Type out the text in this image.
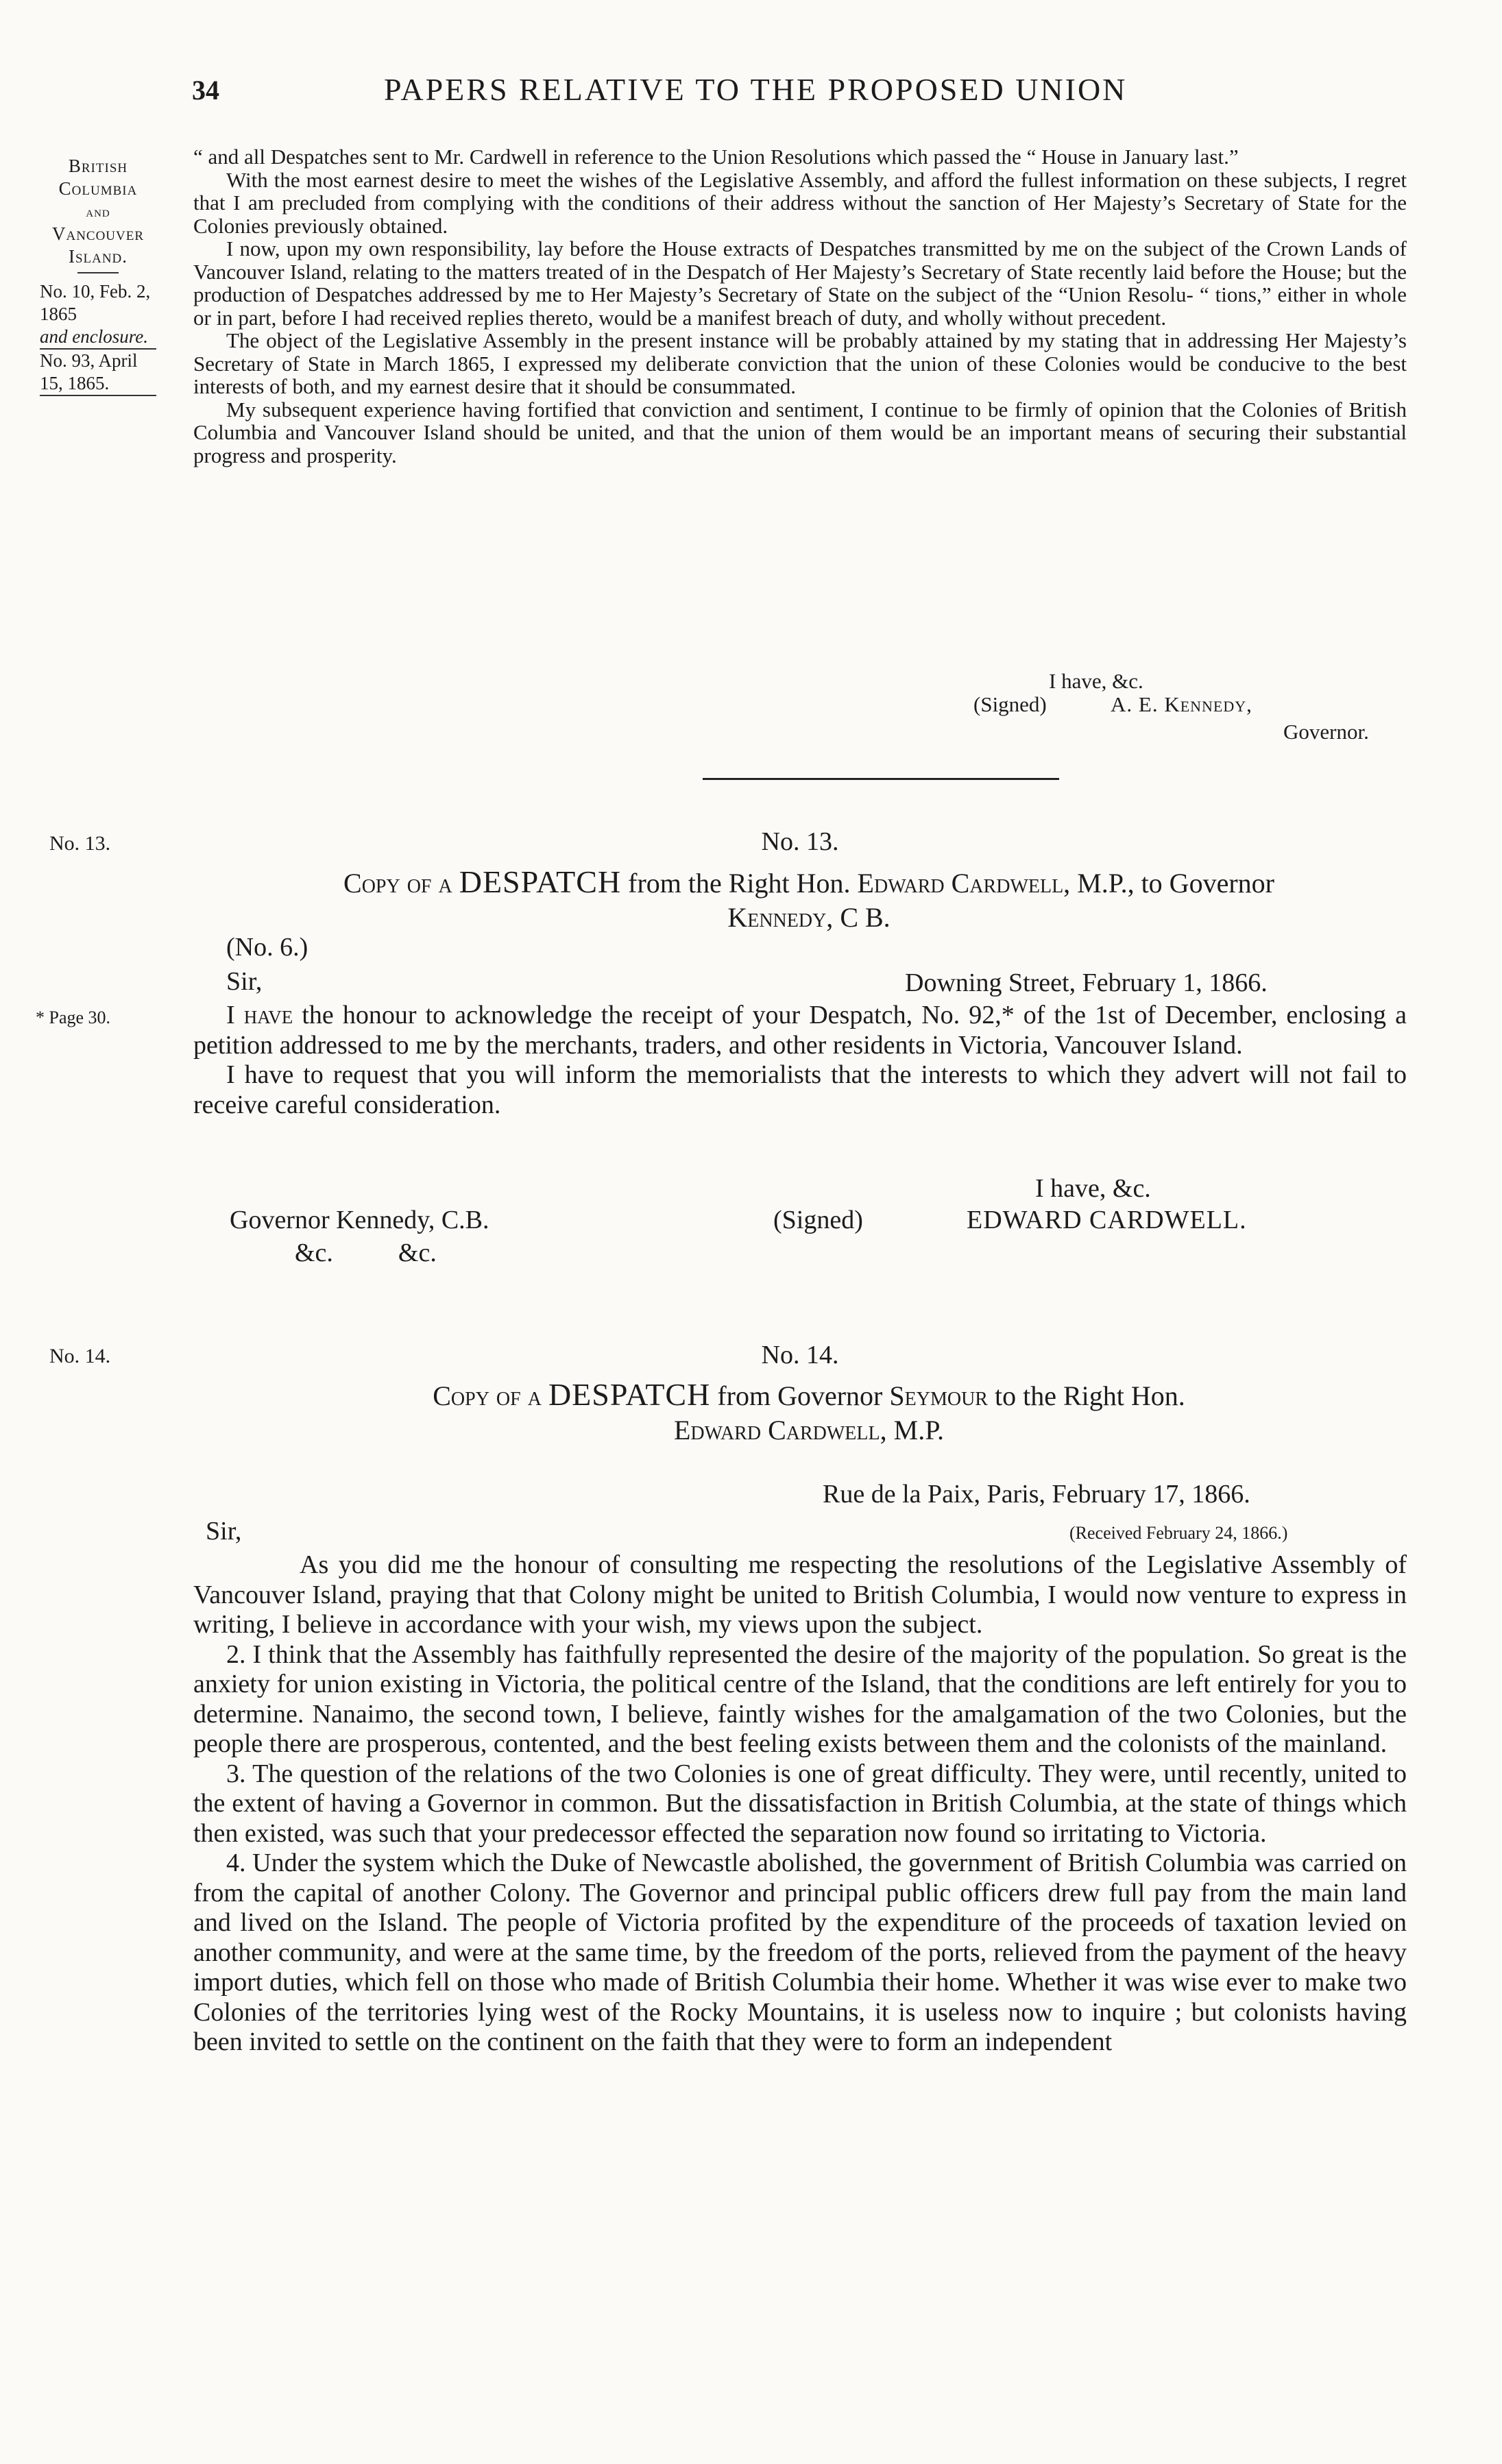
34	PAPERS RELATIVE TO THE PROPOSED UNION
British
Columbia
and
Vancouver
Island.
No. 10, Feb. 2,
1865
and enclosure.
No. 93, April
15, 1865.

“ and all Despatches sent to Mr. Cardwell in reference to the Union Resolutions which passed the “ House in January last.”

With the most earnest desire to meet the wishes of the Legislative Assembly, and afford the fullest information on these subjects, I regret that I am precluded from complying with the conditions of their address without the sanction of Her Majesty’s Secretary of State for the Colonies previously obtained.

I now, upon my own responsibility, lay before the House extracts of Despatches transmitted by me on the subject of the Crown Lands of Vancouver Island, relating to the matters treated of in the Despatch of Her Majesty’s Secretary of State recently laid before the House; but the production of Despatches addressed by me to Her Majesty’s Secretary of State on the subject of the “Union Resolu- “ tions,” either in whole or in part, before I had received replies thereto, would be a manifest breach of duty, and wholly without precedent.

The object of the Legislative Assembly in the present instance will be probably attained by my stating that in addressing Her Majesty’s Secretary of State in March 1865, I expressed my deliberate conviction that the union of these Colonies would be conducive to the best interests of both, and my earnest desire that it should be consummated.

My subsequent experience having fortified that conviction and sentiment, I continue to be firmly of opinion that the Colonies of British Columbia and Vancouver Island should be united, and that the union of them would be an important means of securing their substantial progress and prosperity.

I have, &c.
(Signed)	A. E. Kennedy,
Governor.
No. 13.	No. 13.
Copy of a DESPATCH from the Right Hon. Edward Cardwell, M.P., to Governor
Kennedy, C B.
(No. 6.)
Sir,	Downing Street, February 1, 1866.
* Page 30.	I have the honour to acknowledge the receipt of your Despatch, No. 92,* of the 1st of December, enclosing a petition addressed to me by the merchants, traders, and other residents in Victoria, Vancouver Island.

I have to request that you will inform the memorialists that the interests to which they advert will not fail to receive careful consideration.

I have, &c.
Governor Kennedy, C.B.	(Signed)	EDWARD CARDWELL.
&c.          &c.
No. 14.	No. 14.
Copy of a DESPATCH from Governor Seymour to the Right Hon.
Edward Cardwell, M.P.
Rue de la Paix, Paris, February 17, 1866.
Sir,	(Received February 24, 1866.)

As you did me the honour of consulting me respecting the resolutions of the Legislative Assembly of Vancouver Island, praying that that Colony might be united to British Columbia, I would now venture to express in writing, I believe in accordance with your wish, my views upon the subject.

2. I think that the Assembly has faithfully represented the desire of the majority of the population. So great is the anxiety for union existing in Victoria, the political centre of the Island, that the conditions are left entirely for you to determine. Nanaimo, the second town, I believe, faintly wishes for the amalgamation of the two Colonies, but the people there are prosperous, contented, and the best feeling exists between them and the colonists of the mainland.

3. The question of the relations of the two Colonies is one of great difficulty. They were, until recently, united to the extent of having a Governor in common. But the dissatisfaction in British Columbia, at the state of things which then existed, was such that your predecessor effected the separation now found so irritating to Victoria.

4. Under the system which the Duke of Newcastle abolished, the government of British Columbia was carried on from the capital of another Colony. The Governor and principal public officers drew full pay from the main land and lived on the Island. The people of Victoria profited by the expenditure of the proceeds of taxation levied on another community, and were at the same time, by the freedom of the ports, relieved from the payment of the heavy import duties, which fell on those who made of British Columbia their home. Whether it was wise ever to make two Colonies of the territories lying west of the Rocky Mountains, it is useless now to inquire ; but colonists having been invited to settle on the continent on the faith that they were to form an independent
